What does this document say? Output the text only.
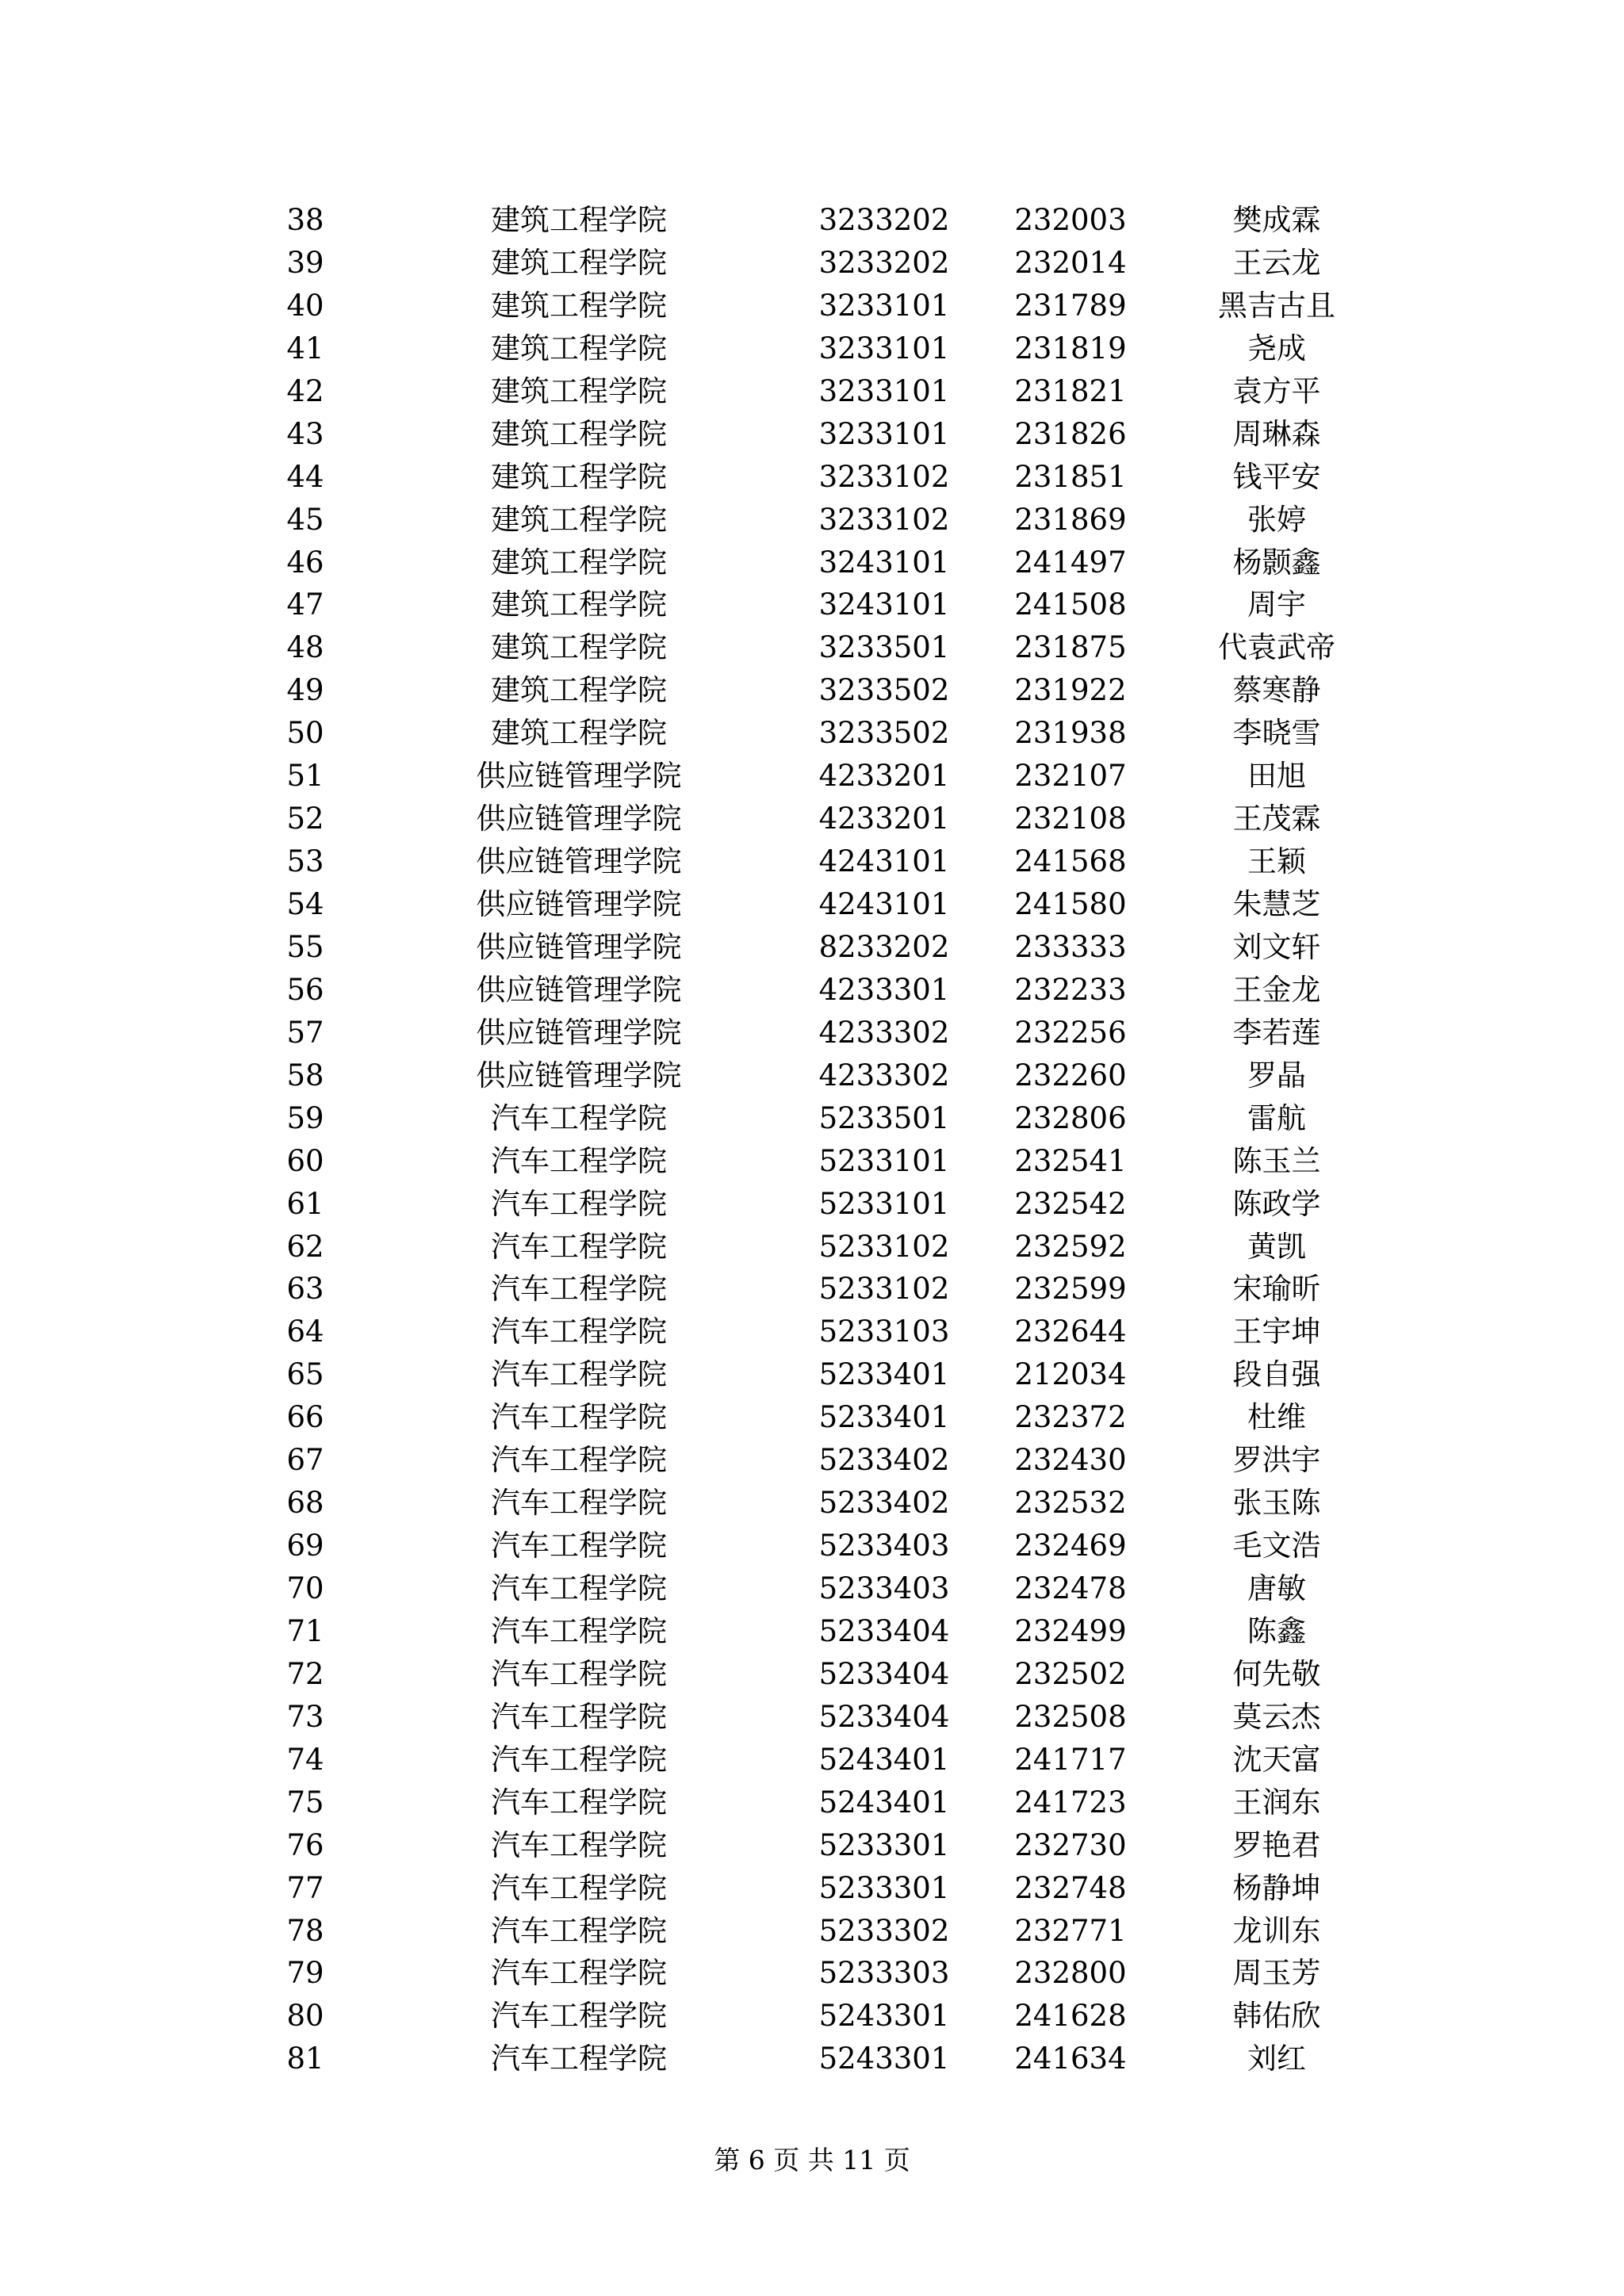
38	建筑工程学院	3233202	232003	樊成霖
39	建筑工程学院	3233202	232014	王云龙
40	建筑工程学院	3233101	231789	黑吉古且
41	建筑工程学院	3233101	231819	尧成
42	建筑工程学院	3233101	231821	袁方平
43	建筑工程学院	3233101	231826	周琳森
44	建筑工程学院	3233102	231851	钱平安
45	建筑工程学院	3233102	231869	张婷
46	建筑工程学院	3243101	241497	杨颢鑫
47	建筑工程学院	3243101	241508	周宇
48	建筑工程学院	3233501	231875	代袁武帝
49	建筑工程学院	3233502	231922	蔡寒静
50	建筑工程学院	3233502	231938	李晓雪
51	供应链管理学院	4233201	232107	田旭
52	供应链管理学院	4233201	232108	王茂霖
53	供应链管理学院	4243101	241568	王颖
54	供应链管理学院	4243101	241580	朱慧芝
55	供应链管理学院	8233202	233333	刘文轩
56	供应链管理学院	4233301	232233	王金龙
57	供应链管理学院	4233302	232256	李若莲
58	供应链管理学院	4233302	232260	罗晶
59	汽车工程学院	5233501	232806	雷航
60	汽车工程学院	5233101	232541	陈玉兰
61	汽车工程学院	5233101	232542	陈政学
62	汽车工程学院	5233102	232592	黄凯
63	汽车工程学院	5233102	232599	宋瑜昕
64	汽车工程学院	5233103	232644	王宇坤
65	汽车工程学院	5233401	212034	段自强
66	汽车工程学院	5233401	232372	杜维
67	汽车工程学院	5233402	232430	罗洪宇
68	汽车工程学院	5233402	232532	张玉陈
69	汽车工程学院	5233403	232469	毛文浩
70	汽车工程学院	5233403	232478	唐敏
71	汽车工程学院	5233404	232499	陈鑫
72	汽车工程学院	5233404	232502	何先敬
73	汽车工程学院	5233404	232508	莫云杰
74	汽车工程学院	5243401	241717	沈天富
75	汽车工程学院	5243401	241723	王润东
76	汽车工程学院	5233301	232730	罗艳君
77	汽车工程学院	5233301	232748	杨静坤
78	汽车工程学院	5233302	232771	龙训东
79	汽车工程学院	5233303	232800	周玉芳
80	汽车工程学院	5243301	241628	韩佑欣
81	汽车工程学院	5243301	241634	刘红
第 6 页 共 11 页
